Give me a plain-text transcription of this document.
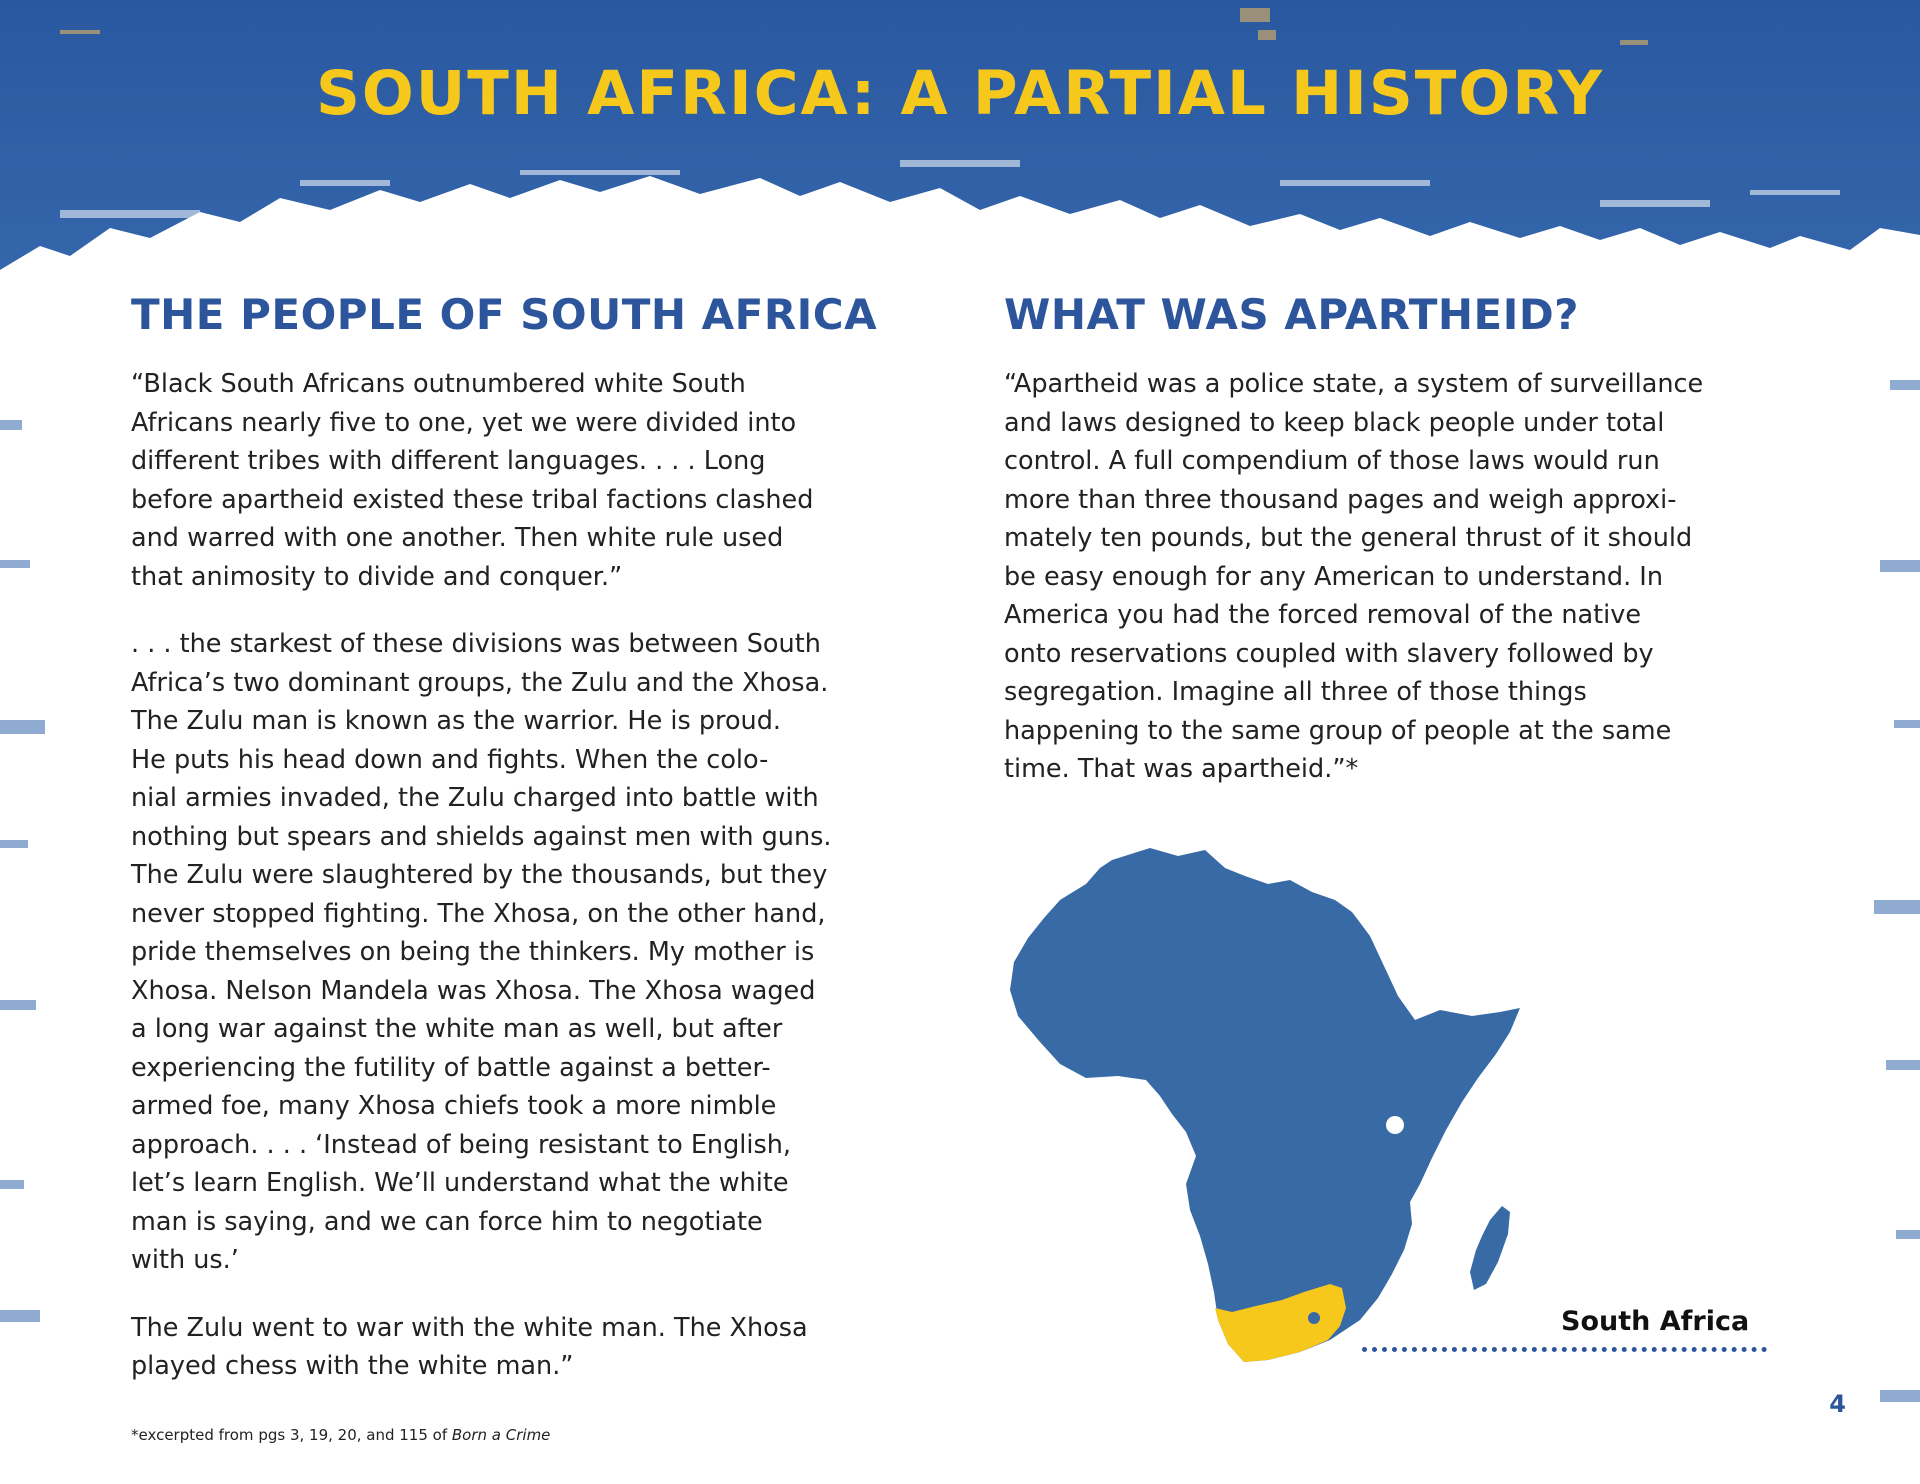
SOUTH AFRICA: A PARTIAL HISTORY
THE PEOPLE OF SOUTH AFRICA

“Black South Africans outnumbered white South
Africans nearly five to one, yet we were divided into
different tribes with different languages. . . . Long
before apartheid existed these tribal factions clashed
and warred with one another. Then white rule used
that animosity to divide and conquer.”

. . . the starkest of these divisions was between South
Africa’s two dominant groups, the Zulu and the Xhosa.
The Zulu man is known as the warrior. He is proud.
He puts his head down and fights. When the colo-
nial armies invaded, the Zulu charged into battle with
nothing but spears and shields against men with guns.
The Zulu were slaughtered by the thousands, but they
never stopped fighting. The Xhosa, on the other hand,
pride themselves on being the thinkers. My mother is
Xhosa. Nelson Mandela was Xhosa. The Xhosa waged
a long war against the white man as well, but after
experiencing the futility of battle against a better-
armed foe, many Xhosa chiefs took a more nimble
approach. . . . ‘Instead of being resistant to English,
let’s learn English. We’ll understand what the white
man is saying, and we can force him to negotiate
with us.’

The Zulu went to war with the white man. The Xhosa
played chess with the white man.”

WHAT WAS APARTHEID?

“Apartheid was a police state, a system of surveillance
and laws designed to keep black people under total
control. A full compendium of those laws would run
more than three thousand pages and weigh approxi-
mately ten pounds, but the general thrust of it should
be easy enough for any American to understand. In
America you had the forced removal of the native
onto reservations coupled with slavery followed by
segregation. Imagine all three of those things
happening to the same group of people at the same
time. That was apartheid.”*

South Africa
*excerpted from pgs 3, 19, 20, and 115 of Born a Crime
4
